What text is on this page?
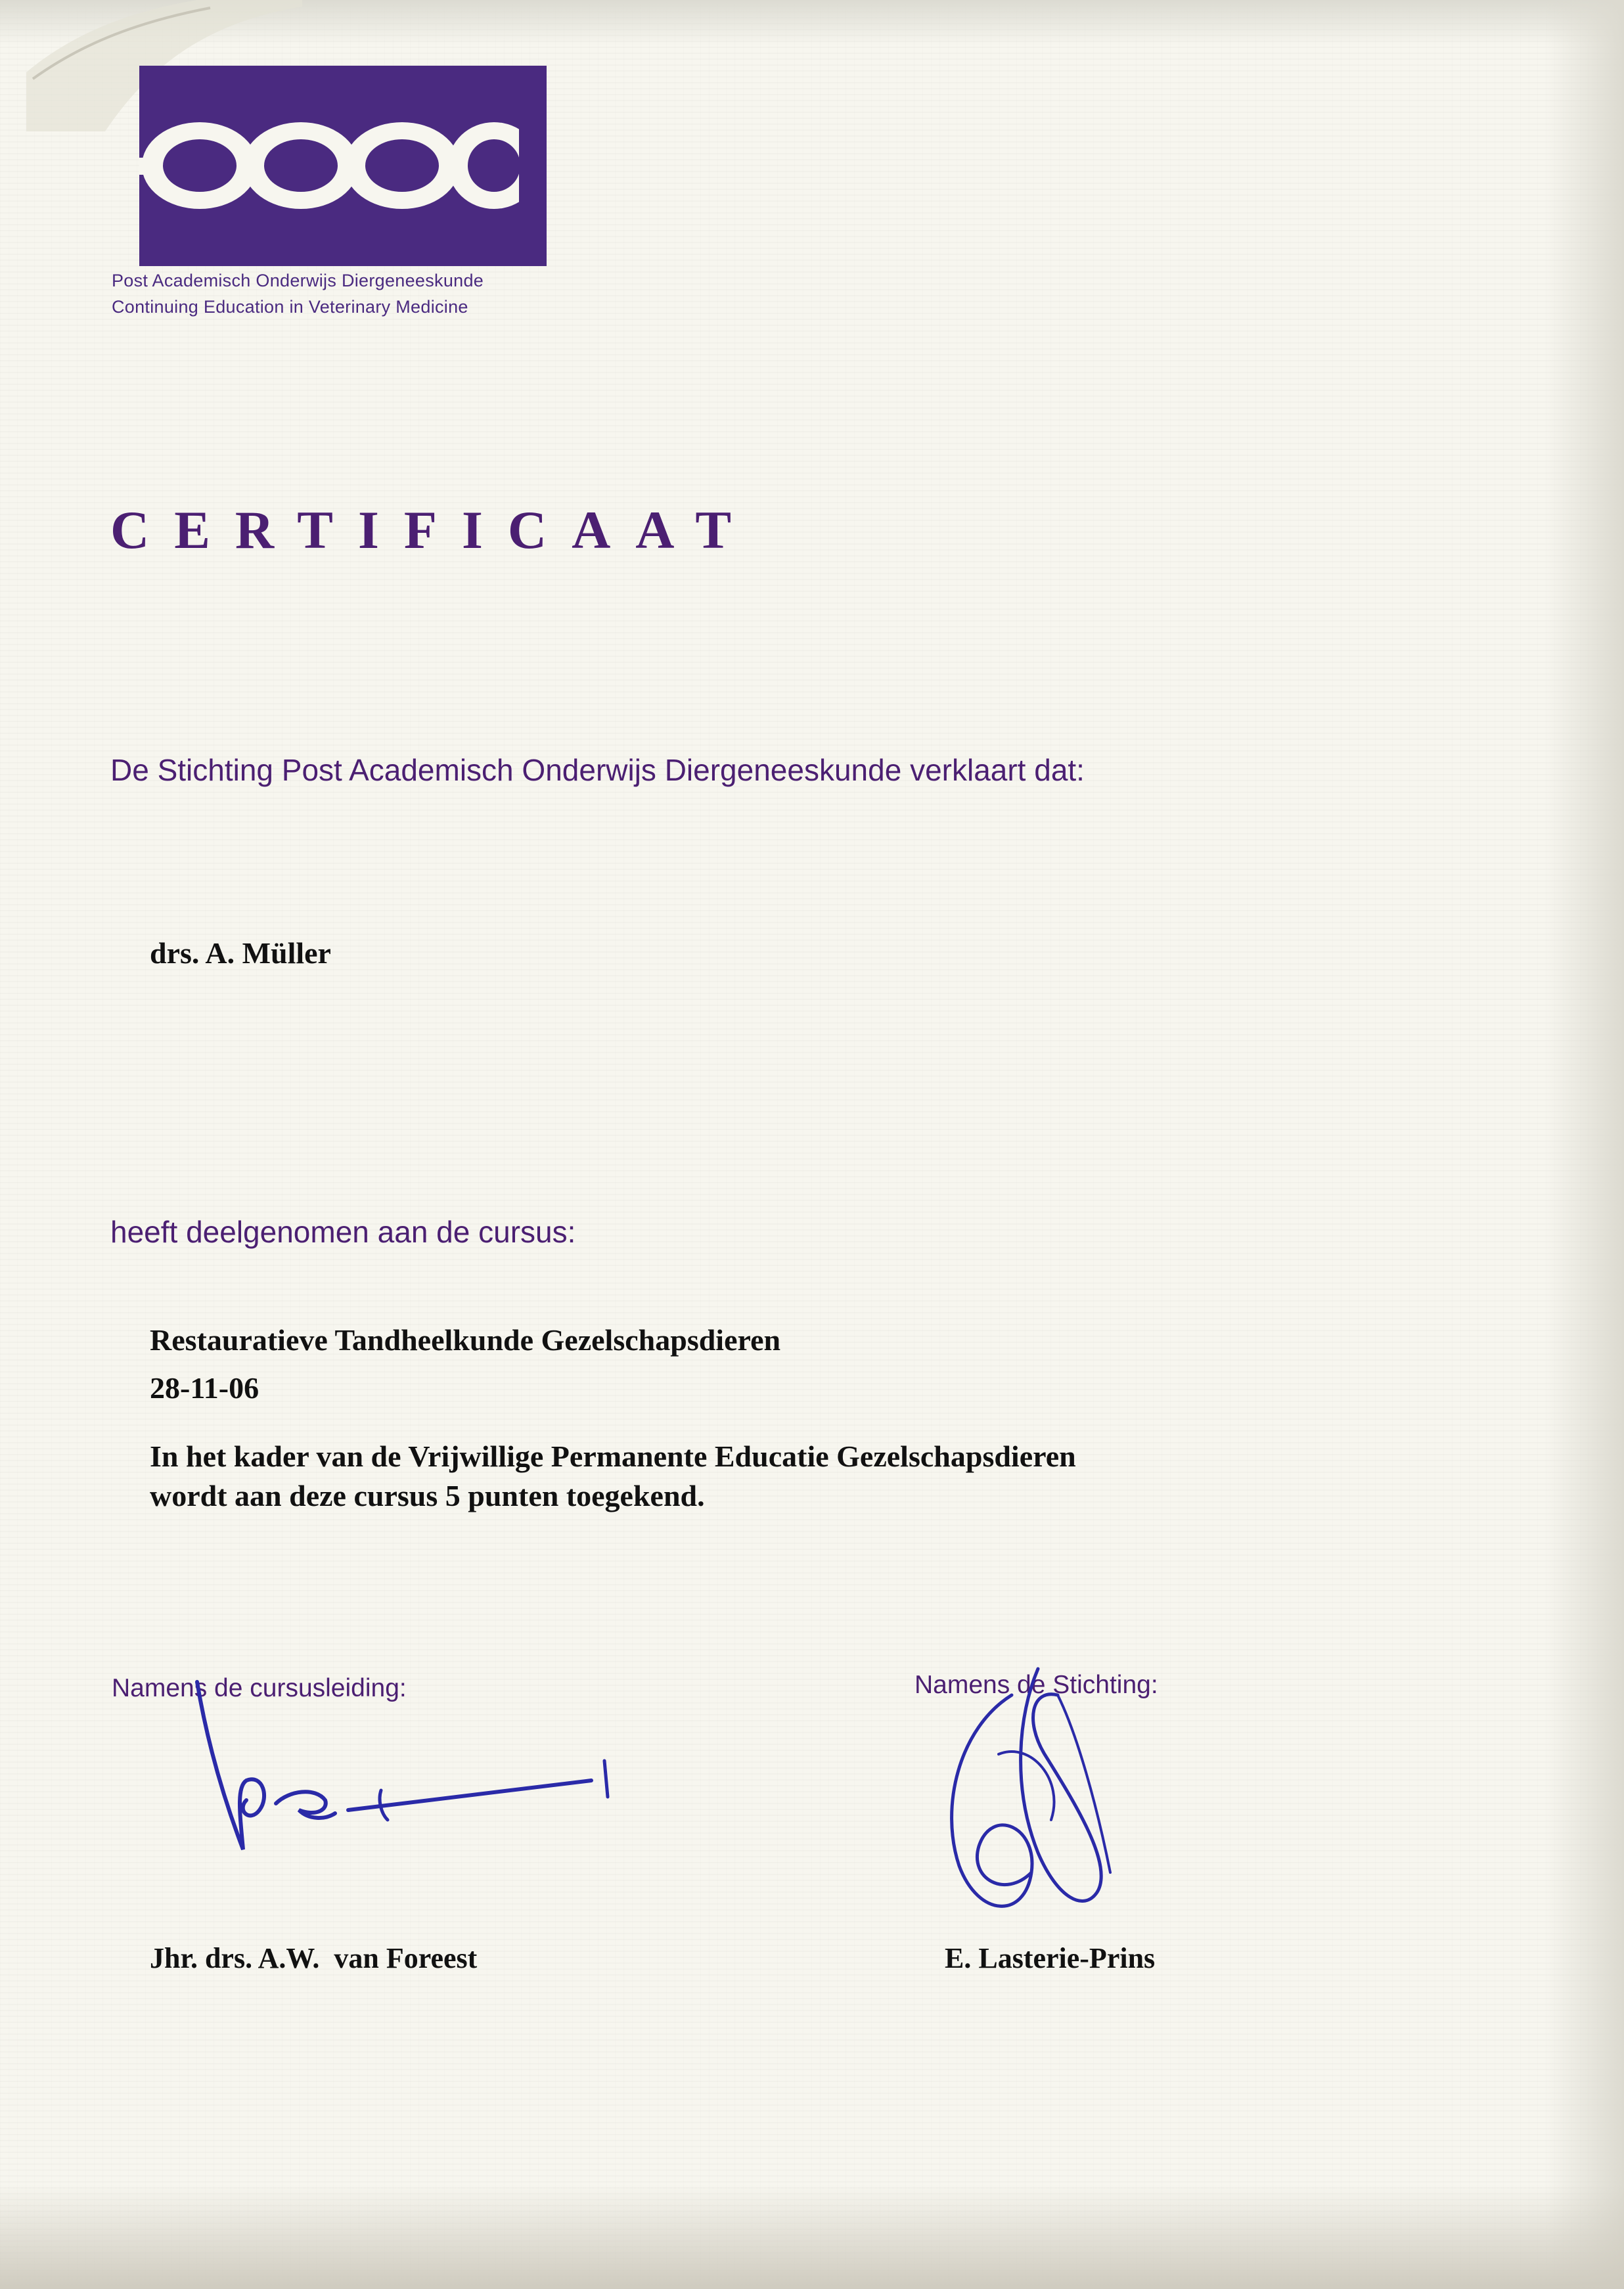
Post Academisch Onderwijs Diergeneeskunde
Continuing Education in Veterinary Medicine
CERTIFICAAT
De Stichting Post Academisch Onderwijs Diergeneeskunde verklaart dat:
drs. A. Müller
heeft deelgenomen aan de cursus:
Restauratieve Tandheelkunde Gezelschapsdieren
28-11-06
In het kader van de Vrijwillige Permanente Educatie Gezelschapsdieren
wordt aan deze cursus 5 punten toegekend.
Namens de cursusleiding:	Namens de Stichting:
Jhr. drs. A.W.  van Foreest	E. Lasterie-Prins
